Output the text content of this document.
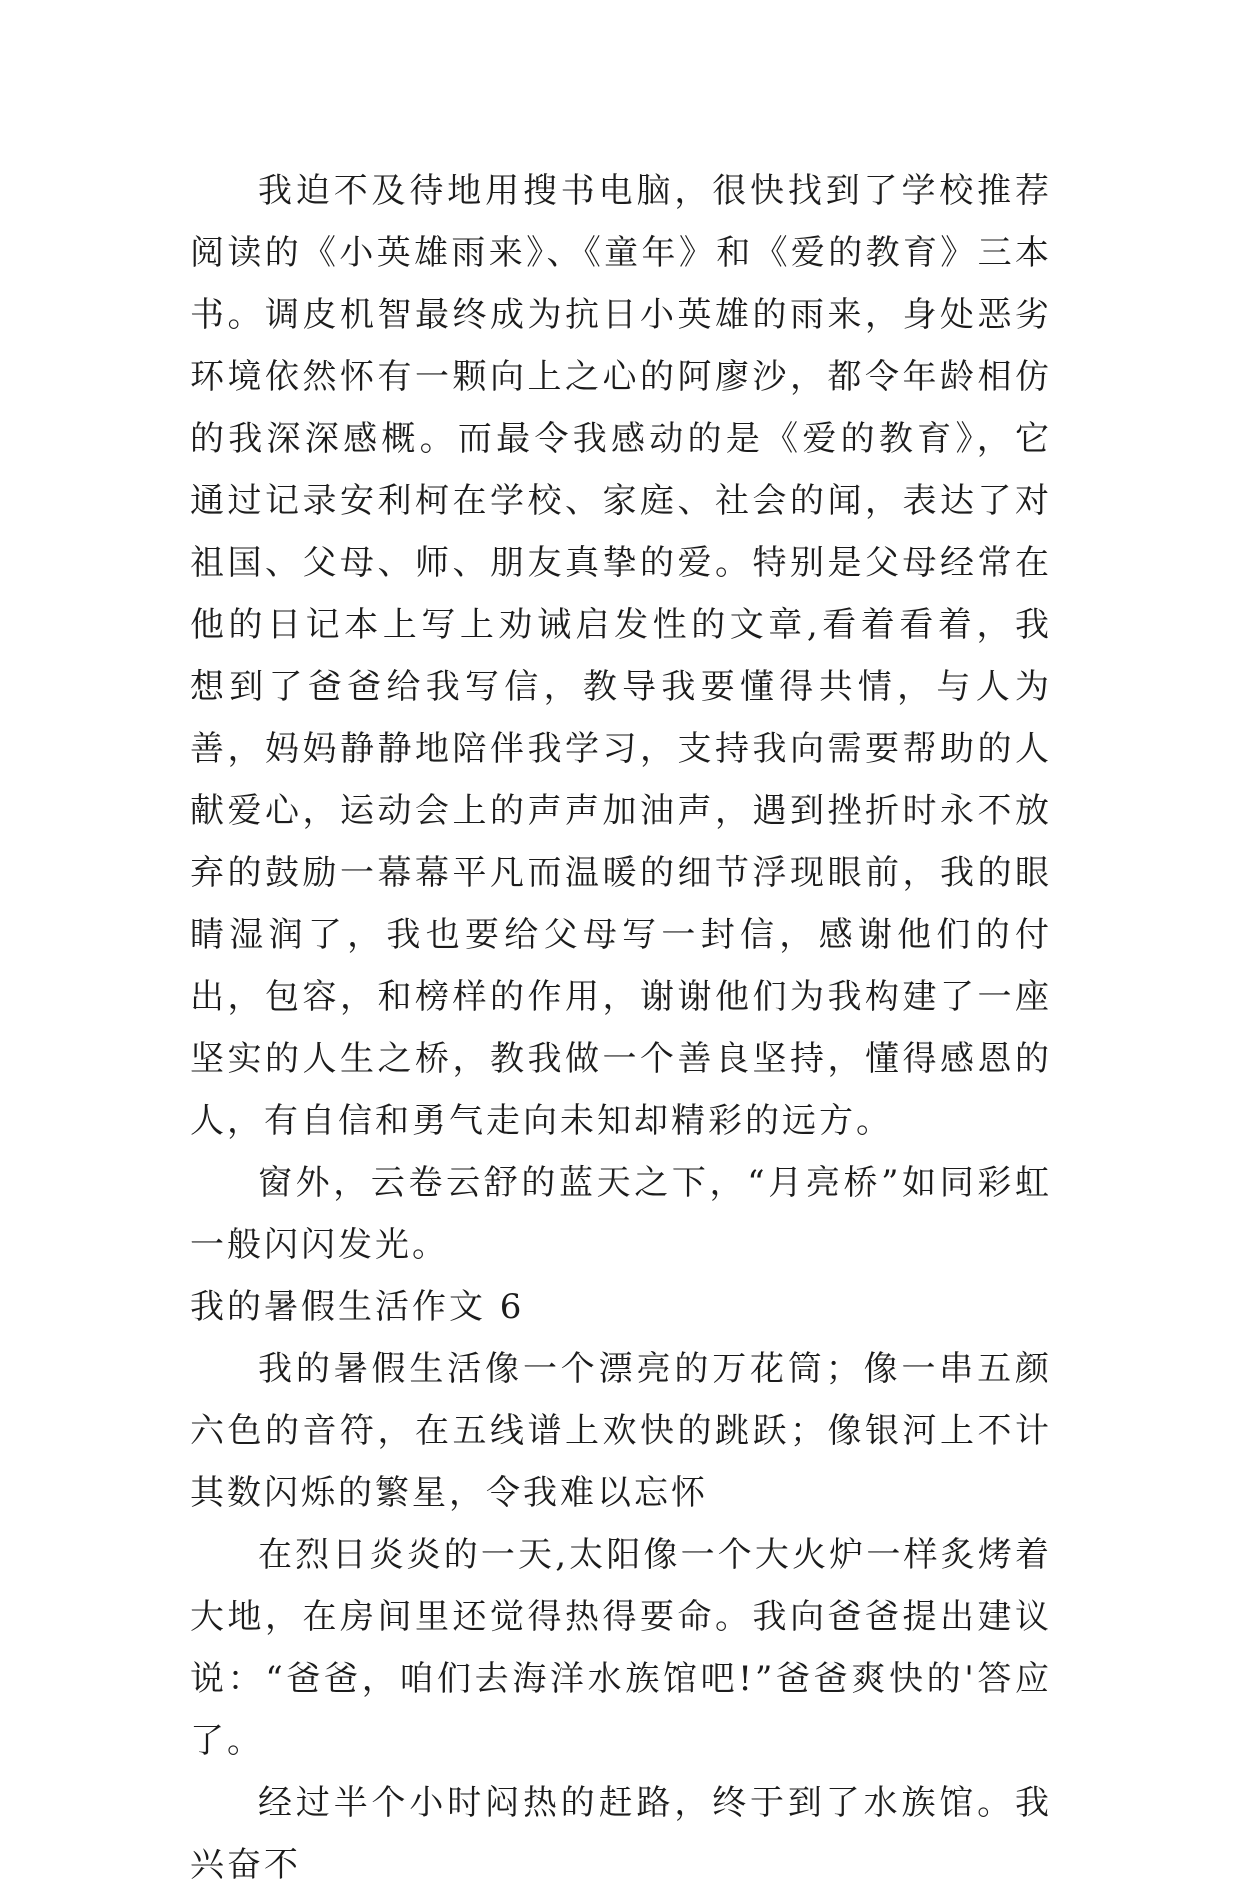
我迫不及待地用搜书电脑，很快找到了学校推荐阅读的《小英雄雨来》、《童年》和《爱的教育》三本书。调皮机智最终成为抗日小英雄的雨来，身处恶劣环境依然怀有一颗向上之心的阿廖沙，都令年龄相仿的我深深感概。而最令我感动的是《爱的教育》，它通过记录安利柯在学校、家庭、社会的闻，表达了对祖国、父母、师、朋友真挚的爱。特别是父母经常在他的日记本上写上劝诫启发性的文章,看着看着，我想到了爸爸给我写信，教导我要懂得共情，与人为善，妈妈静静地陪伴我学习，支持我向需要帮助的人献爱心，运动会上的声声加油声，遇到挫折时永不放弃的鼓励一幕幕平凡而温暖的细节浮现眼前，我的眼睛湿润了，我也要给父母写一封信，感谢他们的付出，包容，和榜样的作用，谢谢他们为我构建了一座坚实的人生之桥，教我做一个善良坚持，懂得感恩的人，有自信和勇气走向未知却精彩的远方。

窗外，云卷云舒的蓝天之下，“月亮桥”如同彩虹一般闪闪发光。

我的暑假生活作文 6

我的暑假生活像一个漂亮的万花筒；像一串五颜六色的音符，在五线谱上欢快的跳跃；像银河上不计其数闪烁的繁星，令我难以忘怀

在烈日炎炎的一天,太阳像一个大火炉一样炙烤着大地，在房间里还觉得热得要命。我向爸爸提出建议说：“爸爸，咱们去海洋水族馆吧!”爸爸爽快的'答应了。

经过半个小时闷热的赶路，终于到了水族馆。我兴奋不
